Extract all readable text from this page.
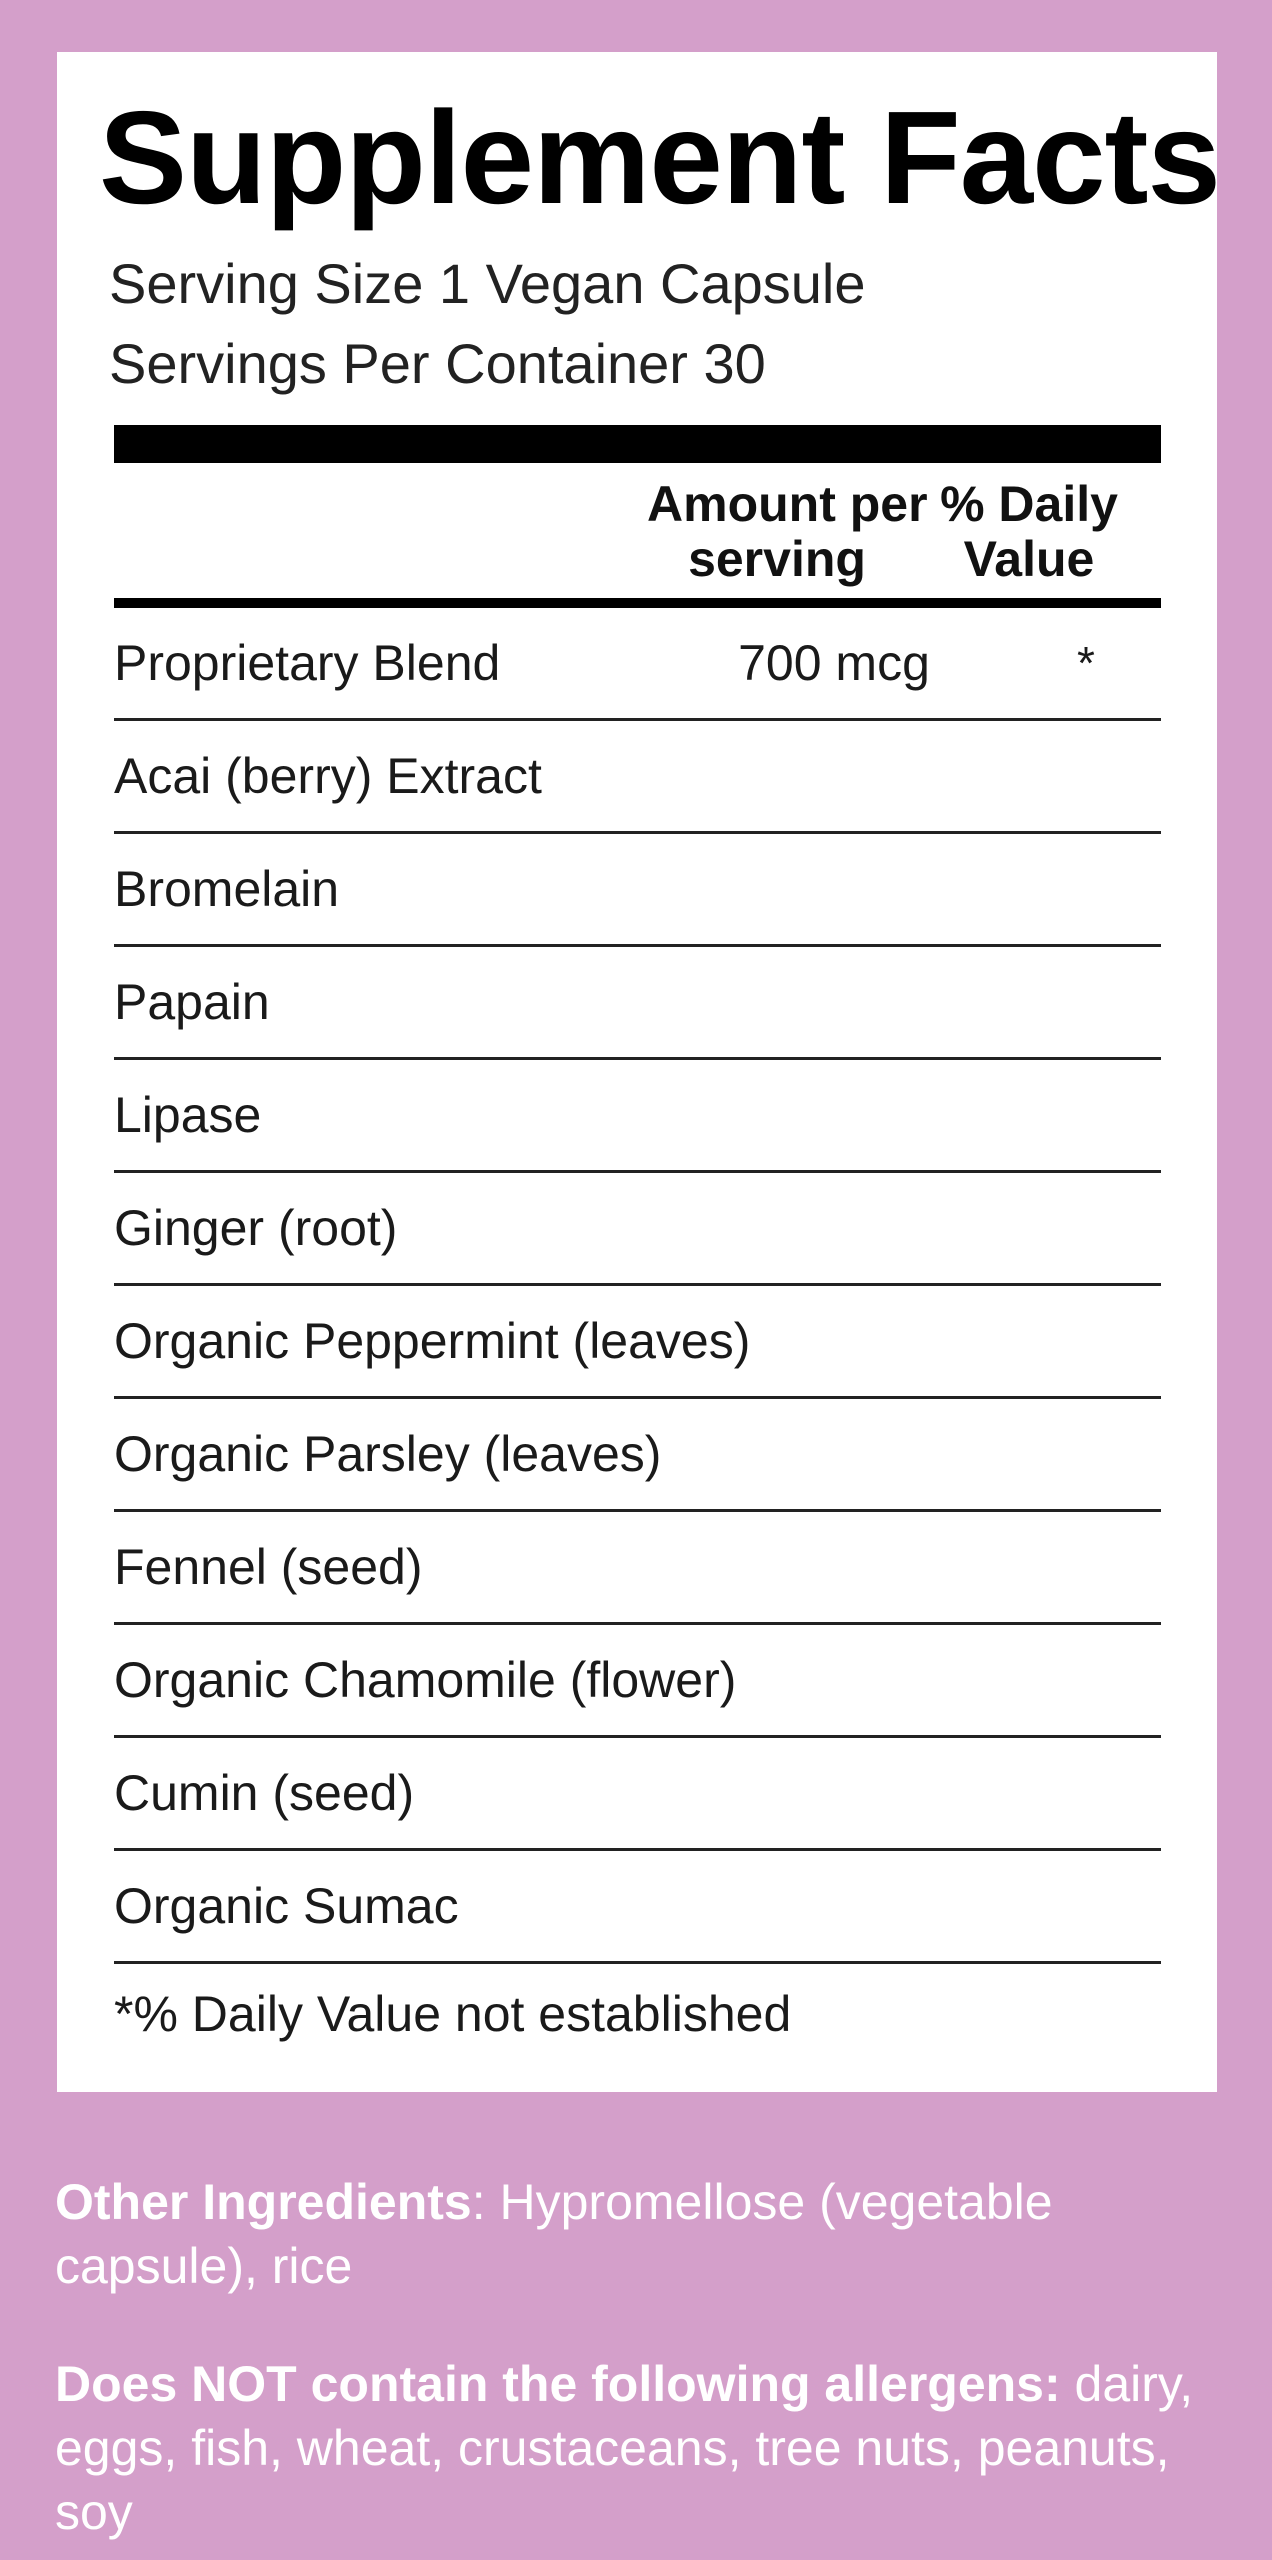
Supplement Facts
Serving Size 1 Vegan Capsule
Servings Per Container 30
Amount per
serving
% Daily
Value
Proprietary Blend	700 mcg	*
Acai (berry) Extract
Bromelain
Papain
Lipase
Ginger (root)
Organic Peppermint (leaves)
Organic Parsley (leaves)
Fennel (seed)
Organic Chamomile (flower)
Cumin (seed)
Organic Sumac
*% Daily Value not established
Other Ingredients: Hypromellose (vegetable capsule), rice
Does NOT contain the following allergens: dairy, eggs, fish, wheat, crustaceans, tree nuts, peanuts, soy
